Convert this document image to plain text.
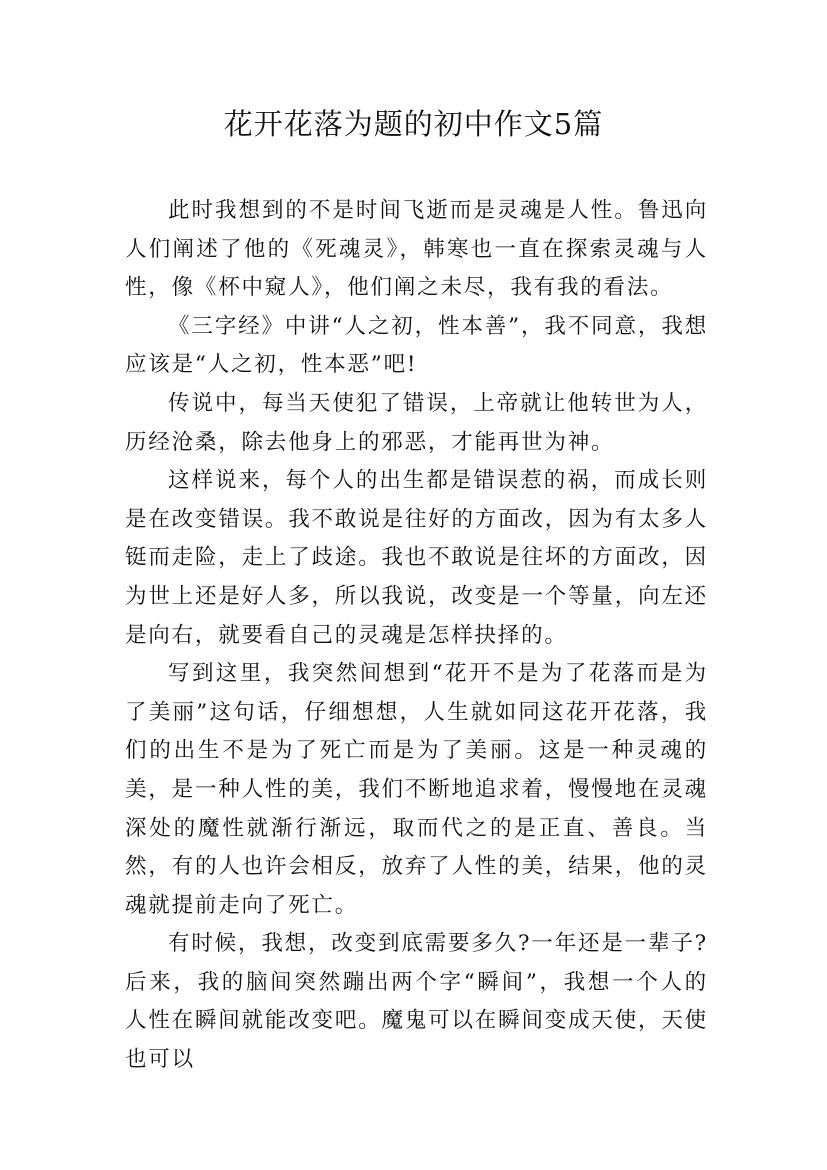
花开花落为题的初中作文5篇

此时我想到的不是时间飞逝而是灵魂是人性。鲁迅向人们阐述了他的《死魂灵》，韩寒也一直在探索灵魂与人性，像《杯中窥人》，他们阐之未尽，我有我的看法。

《三字经》中讲“人之初，性本善”，我不同意，我想应该是“人之初，性本恶”吧!

传说中，每当天使犯了错误，上帝就让他转世为人，历经沧桑，除去他身上的邪恶，才能再世为神。

这样说来，每个人的出生都是错误惹的祸，而成长则是在改变错误。我不敢说是往好的方面改，因为有太多人铤而走险，走上了歧途。我也不敢说是往坏的方面改，因为世上还是好人多，所以我说，改变是一个等量，向左还是向右，就要看自己的灵魂是怎样抉择的。

写到这里，我突然间想到“花开不是为了花落而是为了美丽”这句话，仔细想想，人生就如同这花开花落，我们的出生不是为了死亡而是为了美丽。这是一种灵魂的美，是一种人性的美，我们不断地追求着，慢慢地在灵魂深处的魔性就渐行渐远，取而代之的是正直、善良。当然，有的人也许会相反，放弃了人性的美，结果，他的灵魂就提前走向了死亡。

有时候，我想，改变到底需要多久?一年还是一辈子?后来，我的脑间突然蹦出两个字“瞬间”，我想一个人的人性在瞬间就能改变吧。魔鬼可以在瞬间变成天使，天使也可以
